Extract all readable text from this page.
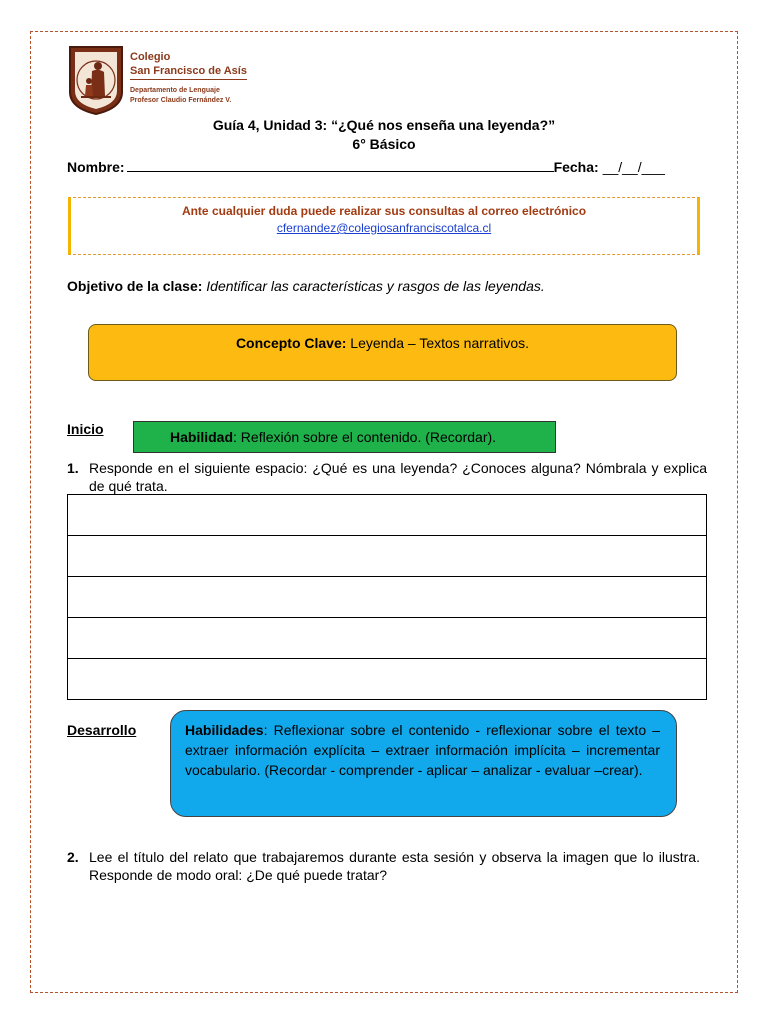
Colegio
San Francisco de Asís
Departamento de Lenguaje
Profesor Claudio Fernández V.
Guía 4, Unidad 3: “¿Qué nos enseña una leyenda?”
6° Básico
Nombre:	Fecha: __/__/___
Ante cualquier duda puede realizar sus consultas al correo electrónico
cfernandez@colegiosanfranciscotalca.cl
Objetivo de la clase: Identificar las características y rasgos de las leyendas.
Concepto Clave: Leyenda – Textos narrativos.
Inicio	Habilidad: Reflexión sobre el contenido. (Recordar).
1. Responde en el siguiente espacio: ¿Qué es una leyenda? ¿Conoces alguna? Nómbrala y explica de qué trata.

Desarrollo	Habilidades: Reflexionar sobre el contenido - reflexionar sobre el texto – extraer información explícita – extraer información implícita – incrementar vocabulario. (Recordar - comprender - aplicar – analizar - evaluar –crear).
2. Lee el título del relato que trabajaremos durante esta sesión y observa la imagen que lo ilustra. Responde de modo oral: ¿De qué puede tratar?
